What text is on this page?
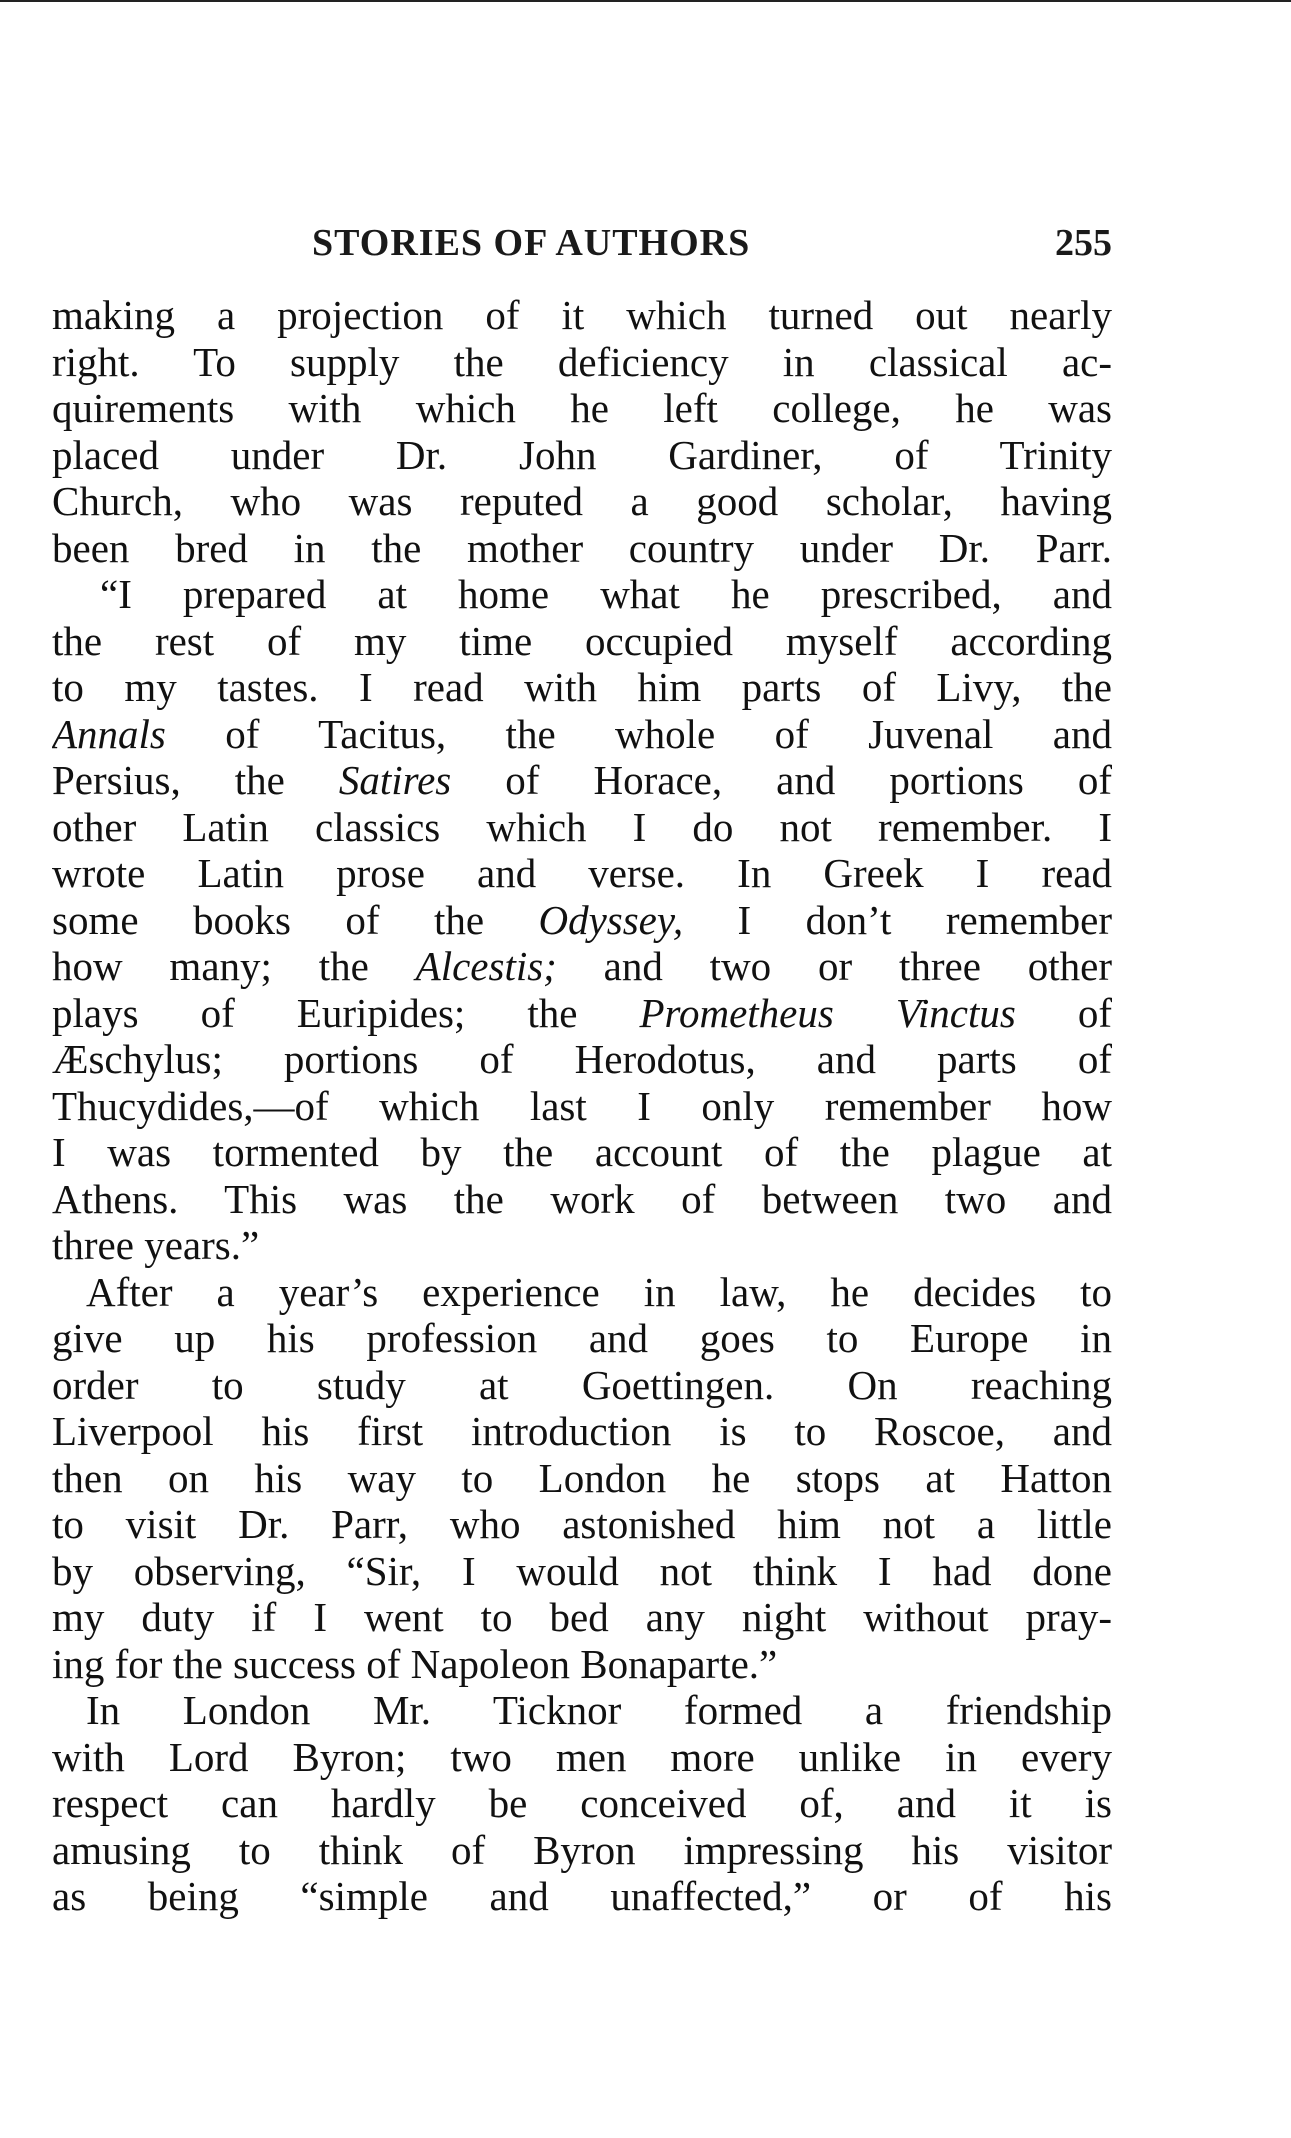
STORIES OF AUTHORS	255
making a projection of it which turned out nearly
right. To supply the deficiency in classical ac-
quirements with which he left college, he was
placed under Dr. John Gardiner, of Trinity
Church, who was reputed a good scholar, having
been bred in the mother country under Dr. Parr.
“I prepared at home what he prescribed, and
the rest of my time occupied myself according
to my tastes. I read with him parts of Livy, the
Annals of Tacitus, the whole of Juvenal and
Persius, the Satires of Horace, and portions of
other Latin classics which I do not remember. I
wrote Latin prose and verse. In Greek I read
some books of the Odyssey, I don’t remember
how many; the Alcestis; and two or three other
plays of Euripides; the Prometheus Vinctus of
Æschylus; portions of Herodotus, and parts of
Thucydides,—of which last I only remember how
I was tormented by the account of the plague at
Athens. This was the work of between two and
three years.”
After a year’s experience in law, he decides to
give up his profession and goes to Europe in
order to study at Goettingen. On reaching
Liverpool his first introduction is to Roscoe, and
then on his way to London he stops at Hatton
to visit Dr. Parr, who astonished him not a little
by observing, “Sir, I would not think I had done
my duty if I went to bed any night without pray-
ing for the success of Napoleon Bonaparte.”
In London Mr. Ticknor formed a friendship
with Lord Byron; two men more unlike in every
respect can hardly be conceived of, and it is
amusing to think of Byron impressing his visitor
as being “simple and unaffected,” or of his
